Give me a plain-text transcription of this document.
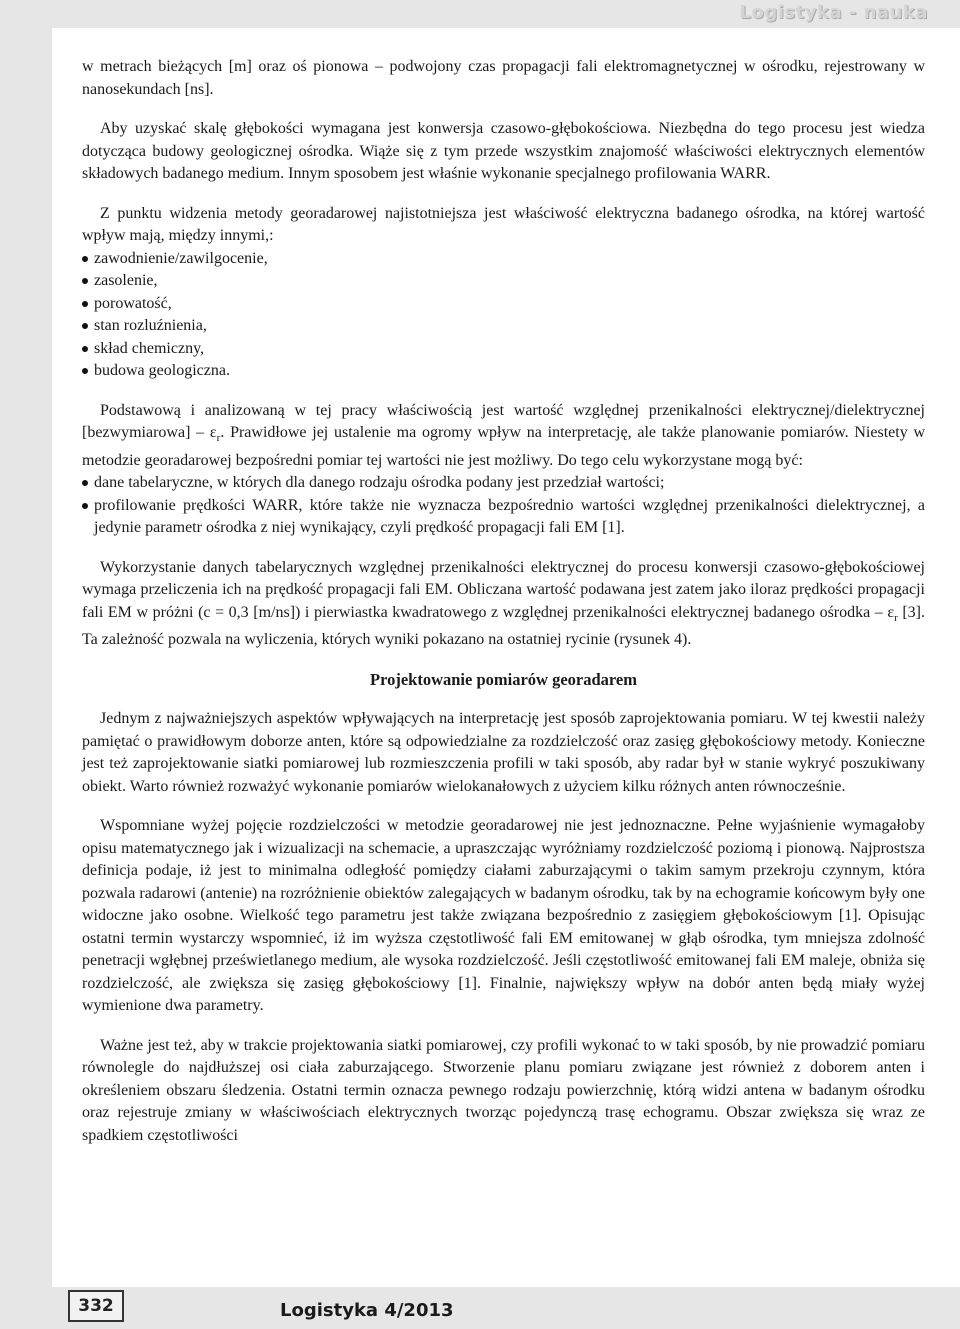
Logistyka - nauka

w metrach bieżących [m] oraz oś pionowa – podwojony czas propagacji fali elektromagnetycznej w ośrodku, rejestrowany w nanosekundach [ns].

Aby uzyskać skalę głębokości wymagana jest konwersja czasowo-głębokościowa. Niezbędna do tego procesu jest wiedza dotycząca budowy geologicznej ośrodka. Wiąże się z tym przede wszystkim znajomość właściwości elektrycznych elementów składowych badanego medium. Innym sposobem jest właśnie wykonanie specjalnego profilowania WARR.

Z punktu widzenia metody georadarowej najistotniejsza jest właściwość elektryczna badanego ośrodka, na której wartość wpływ mają, między innymi,:

zawodnienie/zawilgocenie,
zasolenie,
porowatość,
stan rozluźnienia,
skład chemiczny,
budowa geologiczna.

Podstawową i analizowaną w tej pracy właściwością jest wartość względnej przenikalności elektrycznej/dielektrycznej [bezwymiarowa] – $\varepsilon_r$. Prawidłowe jej ustalenie ma ogromy wpływ na interpretację, ale także planowanie pomiarów. Niestety w metodzie georadarowej bezpośredni pomiar tej wartości nie jest możliwy. Do tego celu wykorzystane mogą być:

dane tabelaryczne, w których dla danego rodzaju ośrodka podany jest przedział wartości;
profilowanie prędkości WARR, które także nie wyznacza bezpośrednio wartości względnej przenikalności dielektrycznej, a jedynie parametr ośrodka z niej wynikający, czyli prędkość propagacji fali EM [1].

Wykorzystanie danych tabelarycznych względnej przenikalności elektrycznej do procesu konwersji czasowo-głębokościowej wymaga przeliczenia ich na prędkość propagacji fali EM. Obliczana wartość podawana jest zatem jako iloraz prędkości propagacji fali EM w próżni (c = 0,3 [m/ns]) i pierwiastka kwadratowego z względnej przenikalności elektrycznej badanego ośrodka – $\varepsilon_r$ [3]. Ta zależność pozwala na wyliczenia, których wyniki pokazano na ostatniej rycinie (rysunek 4).

Projektowanie pomiarów georadarem

Jednym z najważniejszych aspektów wpływających na interpretację jest sposób zaprojektowania pomiaru. W tej kwestii należy pamiętać o prawidłowym doborze anten, które są odpowiedzialne za rozdzielczość oraz zasięg głębokościowy metody. Konieczne jest też zaprojektowanie siatki pomiarowej lub rozmieszczenia profili w taki sposób, aby radar był w stanie wykryć poszukiwany obiekt. Warto również rozważyć wykonanie pomiarów wielokanałowych z użyciem kilku różnych anten równocześnie.

Wspomniane wyżej pojęcie rozdzielczości w metodzie georadarowej nie jest jednoznaczne. Pełne wyjaśnienie wymagałoby opisu matematycznego jak i wizualizacji na schemacie, a upraszczając wyróżniamy rozdzielczość poziomą i pionową. Najprostsza definicja podaje, iż jest to minimalna odległość pomiędzy ciałami zaburzającymi o takim samym przekroju czynnym, która pozwala radarowi (antenie) na rozróżnienie obiektów zalegających w badanym ośrodku, tak by na echogramie końcowym były one widoczne jako osobne. Wielkość tego parametru jest także związana bezpośrednio z zasięgiem głębokościowym [1]. Opisując ostatni termin wystarczy wspomnieć, iż im wyższa częstotliwość fali EM emitowanej w głąb ośrodka, tym mniejsza zdolność penetracji wgłębnej prześwietlanego medium, ale wysoka rozdzielczość. Jeśli częstotliwość emitowanej fali EM maleje, obniża się rozdzielczość, ale zwiększa się zasięg głębokościowy [1]. Finalnie, największy wpływ na dobór anten będą miały wyżej wymienione dwa parametry.

Ważne jest też, aby w trakcie projektowania siatki pomiarowej, czy profili wykonać to w taki sposób, by nie prowadzić pomiaru równolegle do najdłuższej osi ciała zaburzającego. Stworzenie planu pomiaru związane jest również z doborem anten i określeniem obszaru śledzenia. Ostatni termin oznacza pewnego rodzaju powierzchnię, którą widzi antena w badanym ośrodku oraz rejestruje zmiany w właściwościach elektrycznych tworząc pojedynczą trasę echogramu. Obszar zwiększa się wraz ze spadkiem częstotliwości

332	Logistyka 4/2013
